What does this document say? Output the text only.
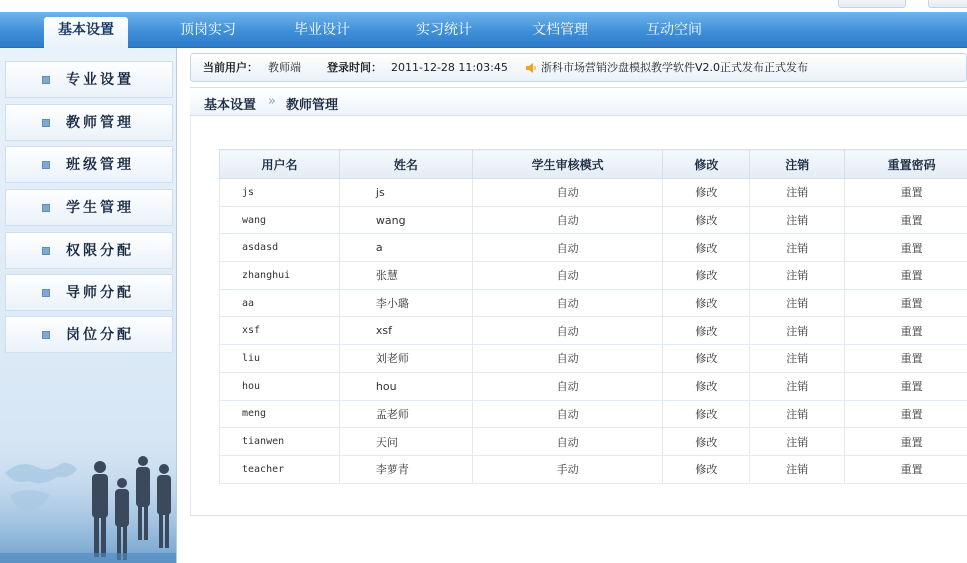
基本设置	顶岗实习	毕业设计	实习统计	文档管理	互动空间
专业设置
教师管理
班级管理
学生管理
权限分配
导师分配
岗位分配
当前用户： 教师端 登录时间： 2011-12-28 11:03:45	浙科市场营销沙盘模拟教学软件V2.0正式发布正式发布
基本设置 » 教师管理
用户名	姓名	学生审核模式	修改	注销	重置密码
js	js	自动	修改	注销	重置
wang	wang	自动	修改	注销	重置
asdasd	a	自动	修改	注销	重置
zhanghui	张慧	自动	修改	注销	重置
aa	李小璐	自动	修改	注销	重置
xsf	xsf	自动	修改	注销	重置
liu	刘老师	自动	修改	注销	重置
hou	hou	自动	修改	注销	重置
meng	孟老师	自动	修改	注销	重置
tianwen	天问	自动	修改	注销	重置
teacher	李萝青	手动	修改	注销	重置
